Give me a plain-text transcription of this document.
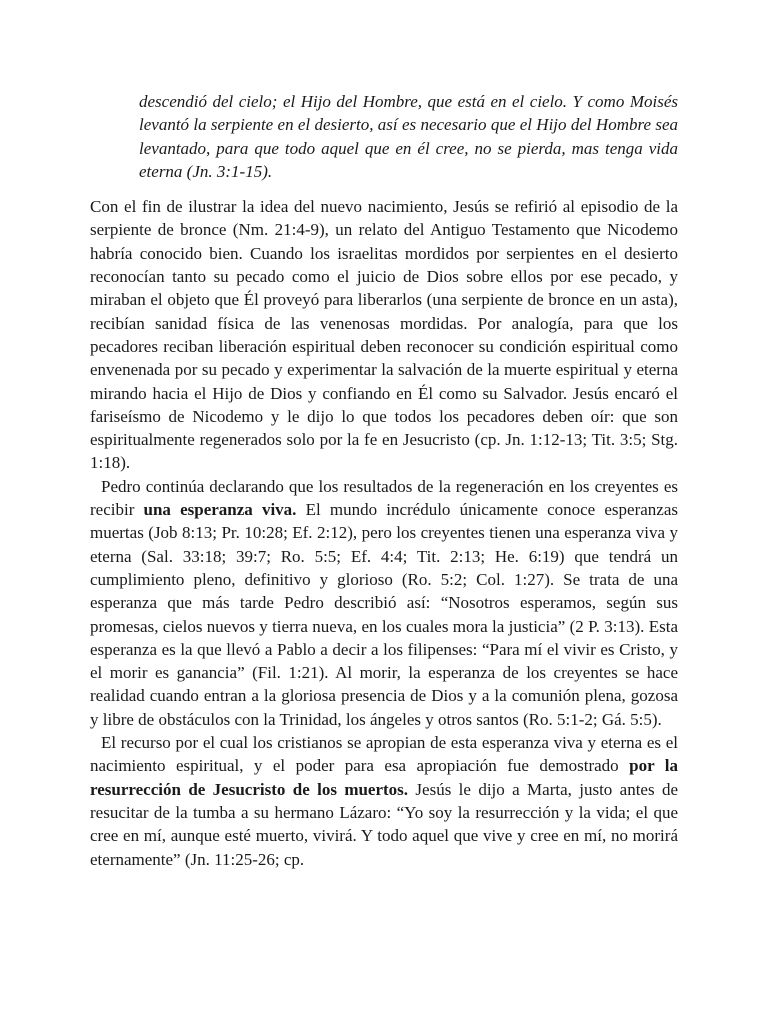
descendió del cielo; el Hijo del Hombre, que está en el cielo. Y como Moisés levantó la serpiente en el desierto, así es necesario que el Hijo del Hombre sea levantado, para que todo aquel que en él cree, no se pierda, mas tenga vida eterna (Jn. 3:1-15).

Con el fin de ilustrar la idea del nuevo nacimiento, Jesús se refirió al episodio de la serpiente de bronce (Nm. 21:4-9), un relato del Antiguo Testamento que Nicodemo habría conocido bien. Cuando los israelitas mordidos por serpientes en el desierto reconocían tanto su pecado como el juicio de Dios sobre ellos por ese pecado, y miraban el objeto que Él proveyó para liberarlos (una serpiente de bronce en un asta), recibían sanidad física de las venenosas mordidas. Por analogía, para que los pecadores reciban liberación espiritual deben reconocer su condición espiritual como envenenada por su pecado y experimentar la salvación de la muerte espiritual y eterna mirando hacia el Hijo de Dios y confiando en Él como su Salvador. Jesús encaró el fariseísmo de Nicodemo y le dijo lo que todos los pecadores deben oír: que son espiritualmente regenerados solo por la fe en Jesucristo (cp. Jn. 1:12-13; Tit. 3:5; Stg. 1:18).

Pedro continúa declarando que los resultados de la regeneración en los creyentes es recibir una esperanza viva. El mundo incrédulo únicamente conoce esperanzas muertas (Job 8:13; Pr. 10:28; Ef. 2:12), pero los creyentes tienen una esperanza viva y eterna (Sal. 33:18; 39:7; Ro. 5:5; Ef. 4:4; Tit. 2:13; He. 6:19) que tendrá un cumplimiento pleno, definitivo y glorioso (Ro. 5:2; Col. 1:27). Se trata de una esperanza que más tarde Pedro describió así: “Nosotros esperamos, según sus promesas, cielos nuevos y tierra nueva, en los cuales mora la justicia” (2 P. 3:13). Esta esperanza es la que llevó a Pablo a decir a los filipenses: “Para mí el vivir es Cristo, y el morir es ganancia” (Fil. 1:21). Al morir, la esperanza de los creyentes se hace realidad cuando entran a la gloriosa presencia de Dios y a la comunión plena, gozosa y libre de obstáculos con la Trinidad, los ángeles y otros santos (Ro. 5:1-2; Gá. 5:5).

El recurso por el cual los cristianos se apropian de esta esperanza viva y eterna es el nacimiento espiritual, y el poder para esa apropiación fue demostrado por la resurrección de Jesucristo de los muertos. Jesús le dijo a Marta, justo antes de resucitar de la tumba a su hermano Lázaro: “Yo soy la resurrección y la vida; el que cree en mí, aunque esté muerto, vivirá. Y todo aquel que vive y cree en mí, no morirá eternamente” (Jn. 11:25-26; cp.
